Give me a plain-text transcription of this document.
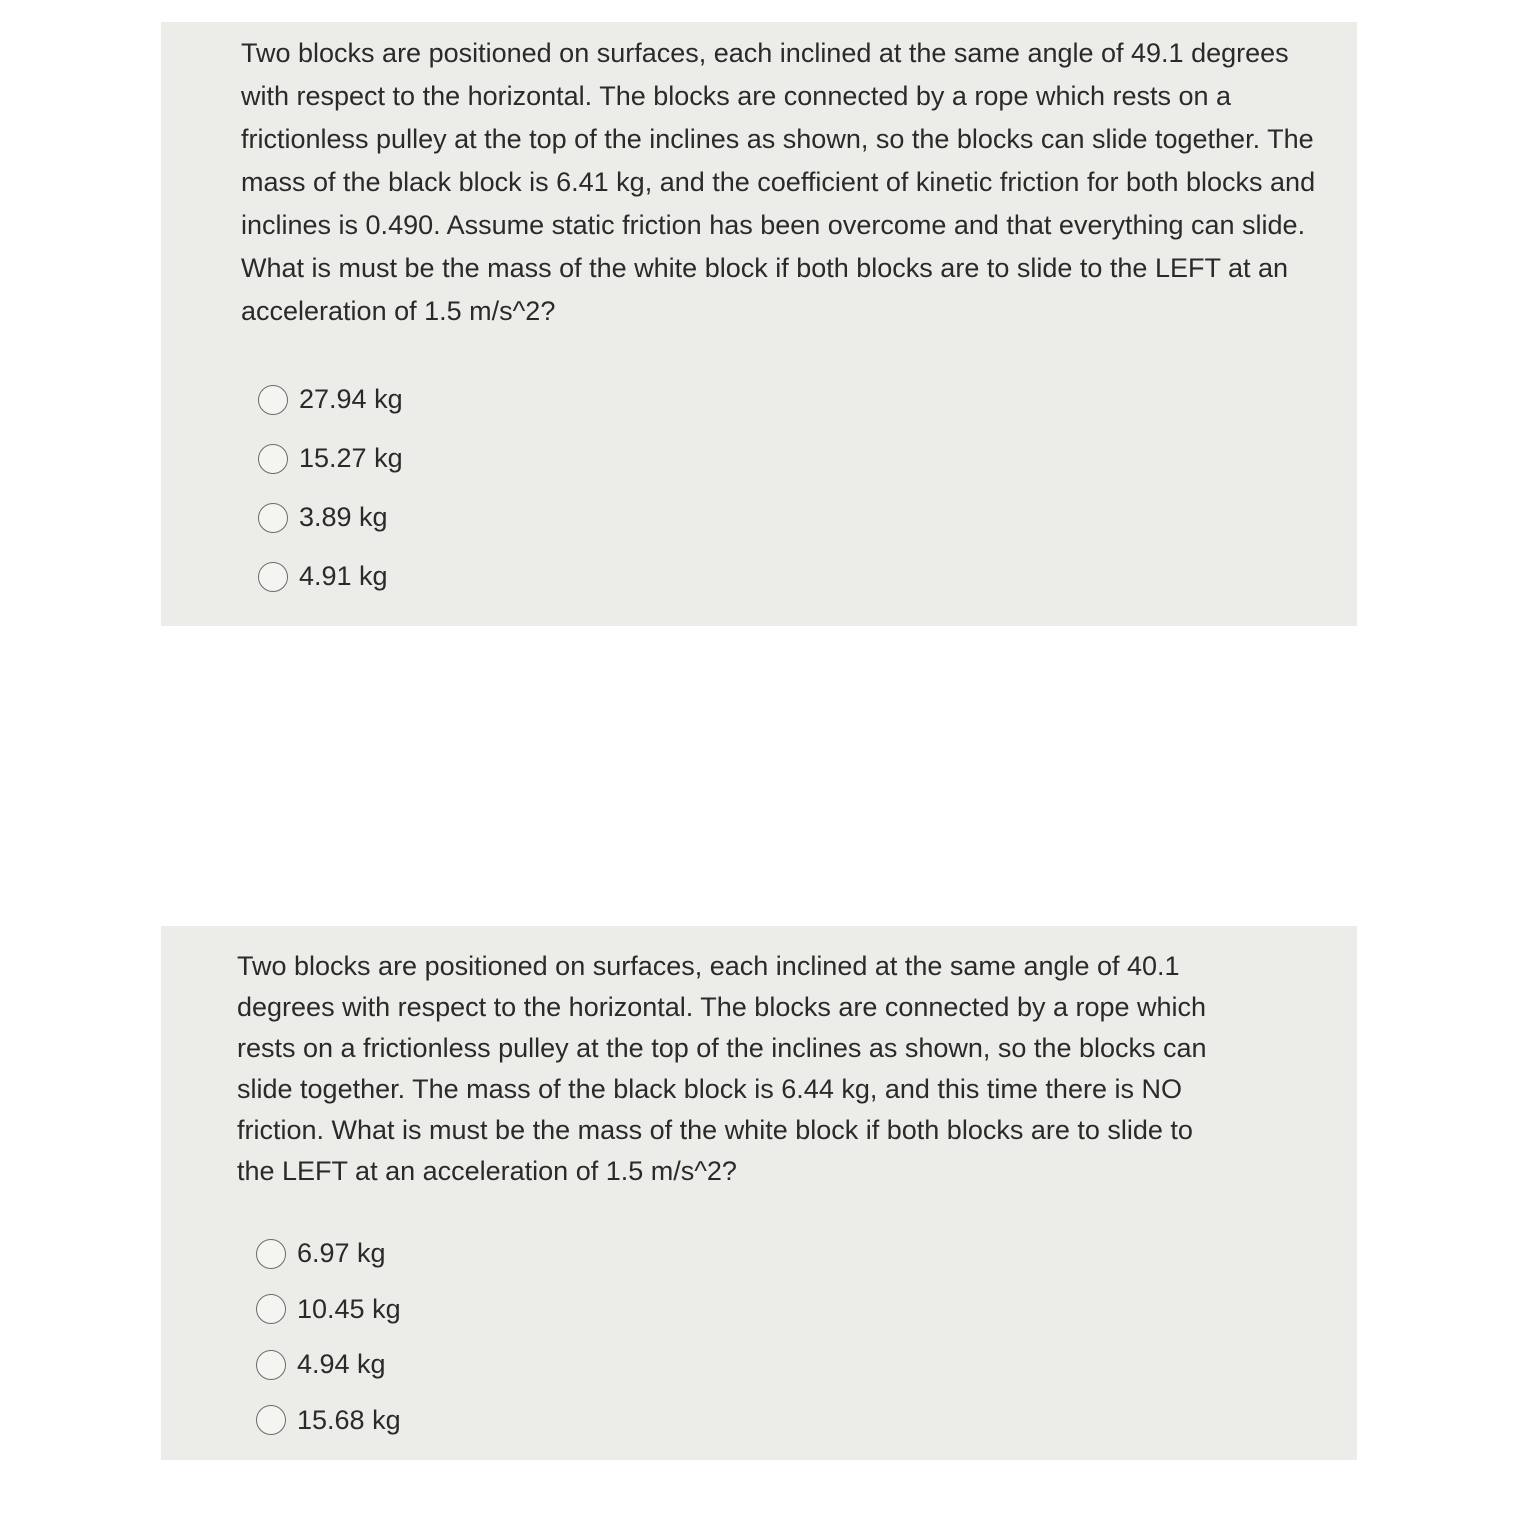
Two blocks are positioned on surfaces, each inclined at the same angle of 49.1 degrees with respect to the horizontal. The blocks are connected by a rope which rests on a frictionless pulley at the top of the inclines as shown, so the blocks can slide together. The mass of the black block is 6.41 kg, and the coefficient of kinetic friction for both blocks and inclines is 0.490. Assume static friction has been overcome and that everything can slide. What is must be the mass of the white block if both blocks are to slide to the LEFT at an acceleration of 1.5 m/s^2?

27.94 kg
15.27 kg
3.89 kg
4.91 kg

Two blocks are positioned on surfaces, each inclined at the same angle of 40.1 degrees with respect to the horizontal. The blocks are connected by a rope which rests on a frictionless pulley at the top of the inclines as shown, so the blocks can slide together. The mass of the black block is 6.44 kg, and this time there is NO friction. What is must be the mass of the white block if both blocks are to slide to the LEFT at an acceleration of 1.5 m/s^2?

6.97 kg
10.45 kg
4.94 kg
15.68 kg
